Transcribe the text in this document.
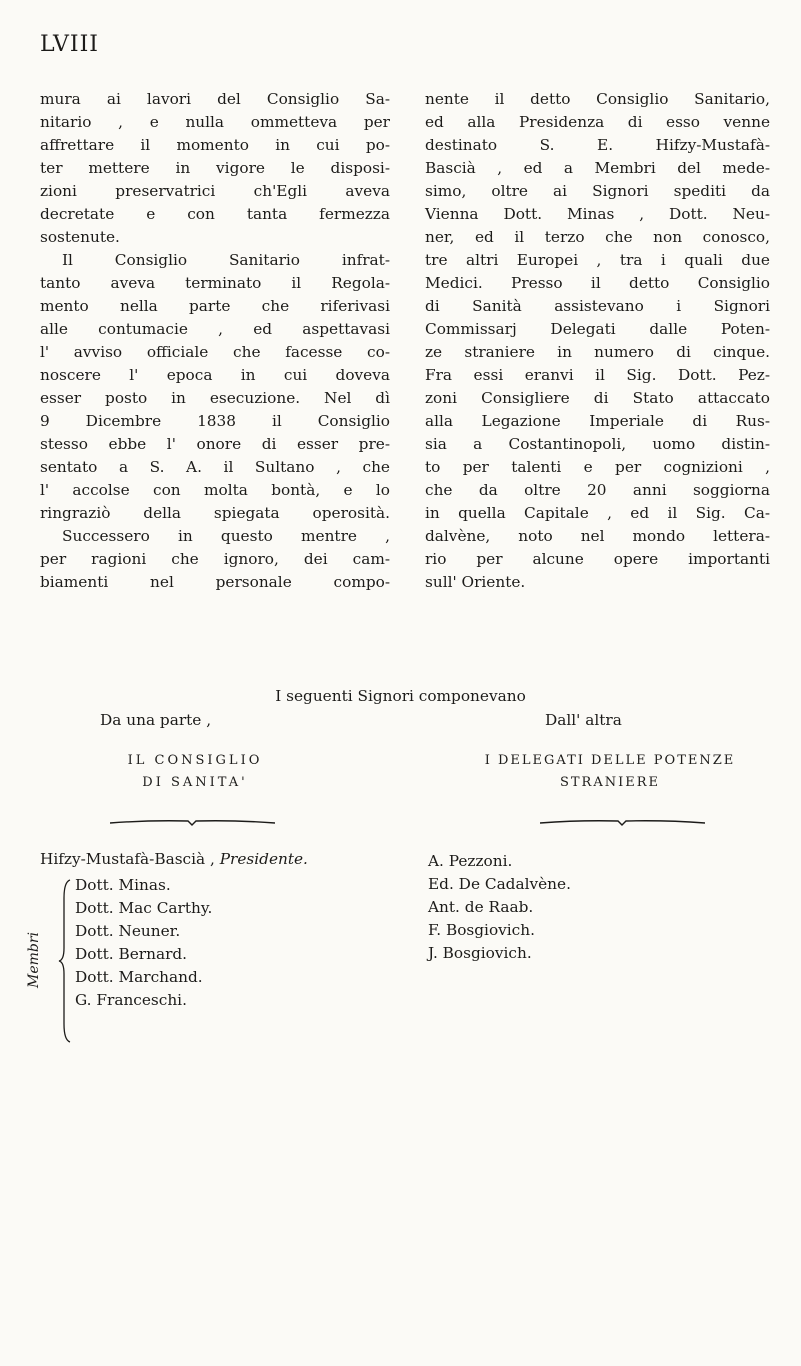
LVIII
mura ai lavori del Consiglio Sa-
nitario , e nulla ommetteva per
affrettare il momento in cui po-
ter mettere in vigore le disposi-
zioni preservatrici ch'Egli aveva
decretate e con tanta fermezza
sostenute.
Il Consiglio Sanitario infrat-
tanto aveva terminato il Regola-
mento nella parte che riferivasi
alle contumacie , ed aspettavasi
l' avviso officiale che facesse co-
noscere l' epoca in cui doveva
esser posto in esecuzione. Nel dì
9 Dicembre 1838 il Consiglio
stesso ebbe l' onore di esser pre-
sentato a S. A. il Sultano , che
l' accolse con molta bontà, e lo
ringraziò della spiegata operosità.
Successero in questo mentre ,
per ragioni che ignoro, dei cam-
biamenti nel personale compo-
nente il detto Consiglio Sanitario,
ed alla Presidenza di esso venne
destinato S. E. Hifzy-Mustafà-
Bascià , ed a Membri del mede-
simo, oltre ai Signori spediti da
Vienna Dott. Minas , Dott. Neu-
ner, ed il terzo che non conosco,
tre altri Europei , tra i quali due
Medici. Presso il detto Consiglio
di Sanità assistevano i Signori
Commissarj Delegati dalle Poten-
ze straniere in numero di cinque.
Fra essi eranvi il Sig. Dott. Pez-
zoni Consigliere di Stato attaccato
alla Legazione Imperiale di Rus-
sia a Costantinopoli, uomo distin-
to per talenti e per cognizioni ,
che da oltre 20 anni soggiorna
in quella Capitale , ed il Sig. Ca-
dalvène, noto nel mondo lettera-
rio per alcune opere importanti
sull' Oriente.
I seguenti Signori componevano
Da una parte ,	Dall' altra
IL CONSIGLIO
DI SANITA'
I DELEGATI DELLE POTENZE
STRANIERE
Hifzy-Mustafà-Bascià , Presidente.
Membri
Dott. Minas.
Dott. Mac Carthy.
Dott. Neuner.
Dott. Bernard.
Dott. Marchand.
G. Franceschi.
A. Pezzoni.
Ed. De Cadalvène.
Ant. de Raab.
F. Bosgiovich.
J. Bosgiovich.
